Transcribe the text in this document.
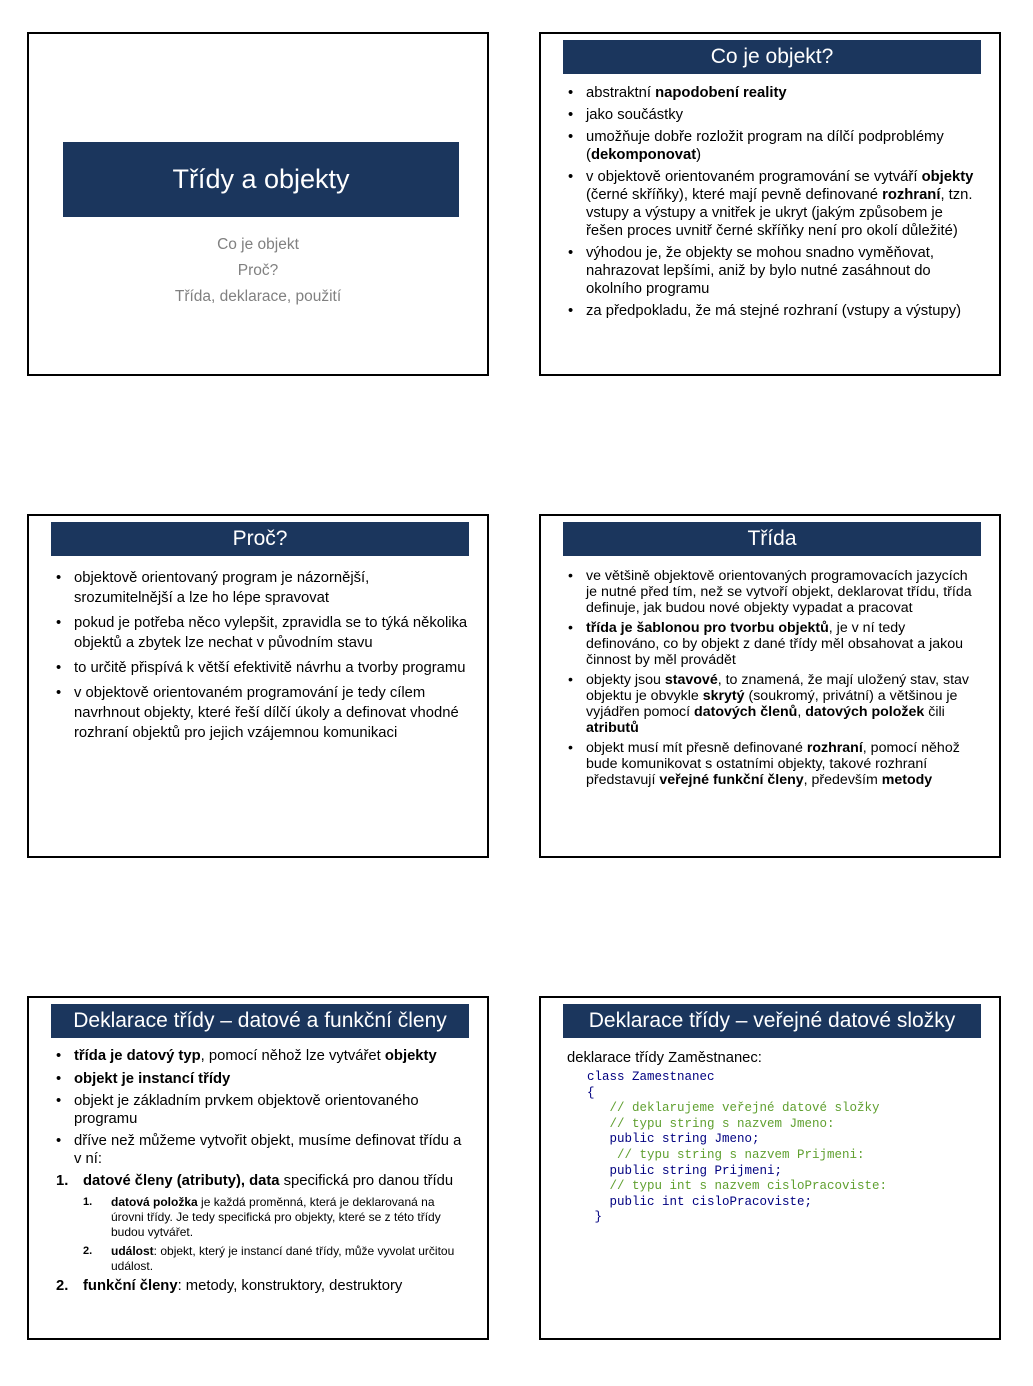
Třídy a objekty
Co je objekt
Proč?
Třída, deklarace, použití
Co je objekt?
• abstraktní napodobení reality
• jako součástky
• umožňuje dobře rozložit program na dílčí podproblémy (dekomponovat)
• v objektově orientovaném programování se vytváří objekty (černé skříňky), které mají pevně definované rozhraní, tzn. vstupy a výstupy a vnitřek je ukryt (jakým způsobem je řešen proces uvnitř černé skříňky není pro okolí důležité)
• výhodou je, že objekty se mohou snadno vyměňovat, nahrazovat lepšími, aniž by bylo nutné zasáhnout do okolního programu
• za předpokladu, že má stejné rozhraní (vstupy a výstupy)
Proč?
• objektově orientovaný program je názornější, srozumitelnější a lze ho lépe spravovat
• pokud je potřeba něco vylepšit, zpravidla se to týká několika objektů a zbytek lze nechat v původním stavu
• to určitě přispívá k větší efektivitě návrhu a tvorby programu
• v objektově orientovaném programování je tedy cílem navrhnout objekty, které řeší dílčí úkoly a definovat vhodné rozhraní objektů pro jejich vzájemnou komunikaci
Třída
• ve většině objektově orientovaných programovacích jazycích je nutné před tím, než se vytvoří objekt, deklarovat třídu, třída definuje, jak budou nové objekty vypadat a pracovat
• třída je šablonou pro tvorbu objektů, je v ní tedy definováno, co by objekt z dané třídy měl obsahovat a jakou činnost by měl provádět
• objekty jsou stavové, to znamená, že mají uložený stav, stav objektu je obvykle skrytý (soukromý, privátní) a většinou je vyjádřen pomocí datových členů, datových položek čili atributů
• objekt musí mít přesně definované rozhraní, pomocí něhož bude komunikovat s ostatními objekty, takové rozhraní představují veřejné funkční členy, především metody
Deklarace třídy – datové a funkční členy
• třída je datový typ, pomocí něhož lze vytvářet objekty
• objekt je instancí třídy
• objekt je základním prvkem objektově orientovaného programu
• dříve než můžeme vytvořit objekt, musíme definovat třídu a v ní:
1. datové členy (atributy), data specifická pro danou třídu
1. datová položka je každá proměnná, která je deklarovaná na úrovni třídy. Je tedy specifická pro objekty, které se z této třídy budou vytvářet.
2. událost: objekt, který je instancí dané třídy, může vyvolat určitou událost.
2. funkční členy: metody, konstruktory, destruktory
Deklarace třídy – veřejné datové složky
deklarace třídy Zaměstnanec:
class Zamestnanec
{
// deklarujeme veřejné datové složky
// typu string s nazvem Jmeno:
public string Jmeno;
// typu string s nazvem Prijmeni:
public string Prijmeni;
// typu int s nazvem cisloPracoviste:
public int cisloPracoviste;
}
